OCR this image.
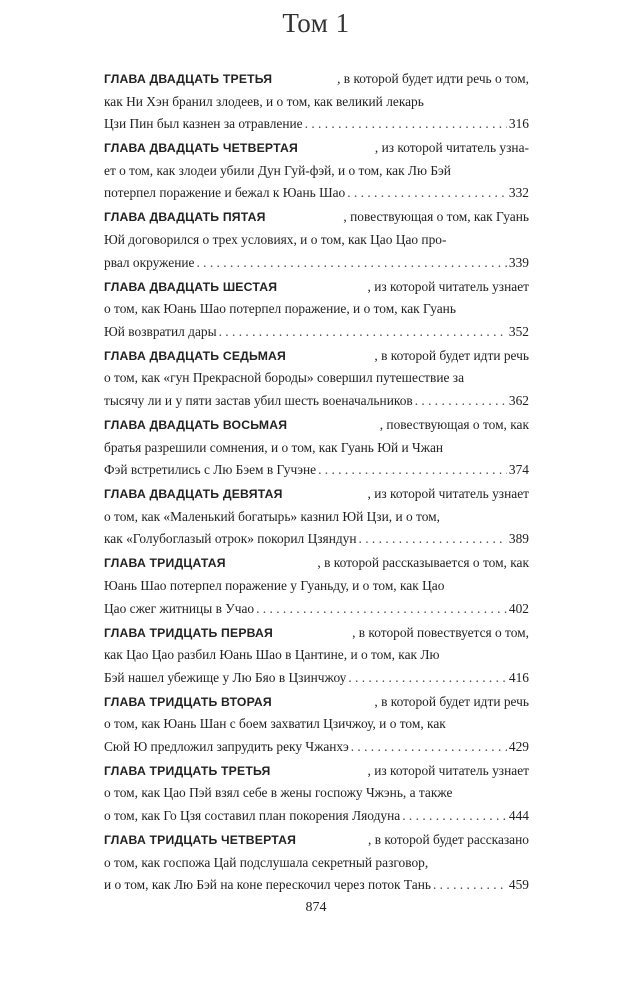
Том 1
ГЛАВА ДВАДЦАТЬ ТРЕТЬЯ	, в которой будет идти речь о том,
как Ни Хэн бранил злодеев, и о том, как великий лекарь
Цзи Пин был казнен за отравление . . .	316
ГЛАВА ДВАДЦАТЬ ЧЕТВЕРТАЯ	, из которой читатель узна-
ет о том, как злодеи убили Дун Гуй-фэй, и о том, как Лю Бэй
потерпел поражение и бежал к Юань Шао . . .	332
ГЛАВА ДВАДЦАТЬ ПЯТАЯ	, повествующая о том, как Гуань
Юй договорился о трех условиях, и о том, как Цао Цао про-
рвал окружение . . .	339
ГЛАВА ДВАДЦАТЬ ШЕСТАЯ	, из которой читатель узнает
о том, как Юань Шао потерпел поражение, и о том, как Гуань
Юй возвратил дары . . .	352
ГЛАВА ДВАДЦАТЬ СЕДЬМАЯ	, в которой будет идти речь
о том, как «гун Прекрасной бороды» совершил путешествие за
тысячу ли и у пяти застав убил шесть военачальников . . .	362
ГЛАВА ДВАДЦАТЬ ВОСЬМАЯ	, повествующая о том, как
братья разрешили сомнения, и о том, как Гуань Юй и Чжан
Фэй встретились с Лю Бэем в Гучэне . . .	374
ГЛАВА ДВАДЦАТЬ ДЕВЯТАЯ	, из которой читатель узнает
о том, как «Маленький богатырь» казнил Юй Цзи, и о том,
как «Голубоглазый отрок» покорил Цзяндун . . .	389
ГЛАВА ТРИДЦАТАЯ	, в которой рассказывается о том, как
Юань Шао потерпел поражение у Гуаньду, и о том, как Цао
Цао сжег житницы в Учао . . .	402
ГЛАВА ТРИДЦАТЬ ПЕРВАЯ	, в которой повествуется о том,
как Цао Цао разбил Юань Шао в Цантине, и о том, как Лю
Бэй нашел убежище у Лю Бяо в Цзинчжоу . . .	416
ГЛАВА ТРИДЦАТЬ ВТОРАЯ	, в которой будет идти речь
о том, как Юань Шан с боем захватил Цзичжоу, и о том, как
Сюй Ю предложил запрудить реку Чжанхэ . . .	429
ГЛАВА ТРИДЦАТЬ ТРЕТЬЯ	, из которой читатель узнает
о том, как Цао Пэй взял себе в жены госпожу Чжэнь, а также
о том, как Го Цзя составил план покорения Ляодуна . . .	444
ГЛАВА ТРИДЦАТЬ ЧЕТВЕРТАЯ	, в которой будет рассказано
о том, как госпожа Цай подслушала секретный разговор,
и о том, как Лю Бэй на коне перескочил через поток Тань . . .	459
874
